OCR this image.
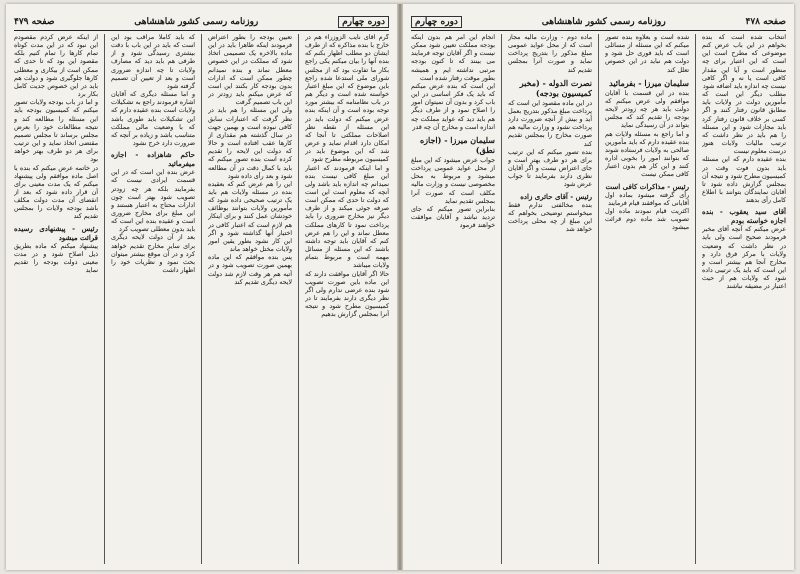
دوره چهارم
روزنامه رسمی کشور شاهنشاهی
صفحه ۴۷۹

گرم آقای نایب الزوزراء هم در خارج با بنده مذاکره که از طرف ایشان دو مطلب اظهار بکنم که بنده آنها را بیان میکنم یکی راجع بکار ما تفاوت بود که از مجلس شورای ملی استدعا شده راجع باین موضوع که این مبلغ اعتبار خواسته شده است و دیگر هم در باب نظامنامه که بیشتر مورد توجه بوده است و آن اینکه بنده عرض میکنم که دولت باید در این مسئله از نقطه نظر اصلاحات مملکتی تا آنجا که امکان دارد اقدام نماید و عرض شد که این موضوع باید در کمیسیون مربوطه مطرح شود

و اما اینکه فرمودند که اعتبار این مبلغ کافی نیست بنده نمیدانم چه اندازه باید باشد ولی آنچه که معلوم است این است که دولت تا حدی که ممکن است صرفه جوئی میکند و از طرف دیگر نیز مخارج ضروری را باید پرداخت نمود تا کارهای مملکت معطل نماند و این را هم عرض کنم که آقایان باید توجه داشته باشند که این مسئله از مسائل مهمه است و مربوط بتمام ولایات میباشد

حالا اگر آقایان موافقت دارند که این ماده باین صورت تصویب شود بنده عرضی ندارم ولی اگر نظر دیگری دارند بفرمایند تا در کمیسیون مطرح شود و نتیجه آنرا بمجلس گزارش بدهیم

تعیین بودجه را بطور اعتراض فرمودند اینکه ظاهرا باید در این ماده بالاخره یک تصمیمی اتخاذ شود که مملکت در این خصوص معطل نماند و بنده نمیدانم چطور ممکن است که ادارات بدون بودجه کار بکنند این است که عرض میکنم باید زودتر در این باب تصمیم گرفت

ولی این مسئله را هم باید در نظر گرفت که اعتبارات سابق کافی نبوده است و بهمین جهت در سال گذشته هم مقداری از کارها عقب افتاده است و حالا که دولت این لایحه را تقدیم کرده است بنده تصور میکنم که باید با کمال دقت در آن مطالعه شود و بعد رأی داده شود

این را هم عرض کنم که بعقیده بنده در مسئله ولایات هم باید یک ترتیب صحیحی داده شود که مأمورین ولایات بتوانند بوظائف خودشان عمل کنند و برای اینکار هم لازم است که اعتبار کافی در اختیار آنها گذاشته شود و اگر این کار نشود بطور یقین امور ولایات مختل خواهد ماند

پس بنده موافقم که این ماده بهمین صورت تصویب شود و در آتیه هم هر وقت لازم شد دولت لایحه دیگری تقدیم کند

که باید کاملا مراقب بود این است که باید در این باب با دقت بیشتری رسیدگی شود و از طرفی هم باید دید که مصارف ولایات تا چه اندازه ضروری است و بعد از تعیین آن تصمیم گرفته شود

و اما مسئله دیگری که آقایان اشاره فرمودند راجع به تشکیلات ولایات است بنده عقیده دارم که این تشکیلات باید طوری باشد که با وضعیت مالی مملکت متناسب باشد و زیاده بر آنچه که ضرورت دارد خرج نشود

حاکم شاهزاده - اجازه میفرمائید

عرض بنده این است که در این قسمت ایرادی نیست که بفرمایند بلکه هر چه زودتر تصویب شود بهتر است چون ادارات محتاج به اعتبار هستند و این مبلغ برای مخارج ضروری است و عقیده بنده این است که باید بدون معطلی تصویب کرد

بعد از آن دولت لایحه دیگری برای سایر مخارج تقدیم خواهد کرد و در آن موقع بیشتر میتوان بحث نمود و نظریات خود را اظهار داشت

از اینکه عرض کردم مقصودم این نبود که در این مدت کوتاه تمام کارها را تمام کنیم بلکه مقصود این بود که تا حدی که ممکن است از بیکاری و معطلی کارها جلوگیری شود و دولت هم باید در این خصوص جدیت کامل بکار برد

و اما در باب بودجه ولایات تصور میکنم که کمیسیون بودجه باید این مسئله را مطالعه کند و نتیجه مطالعات خود را بعرض مجلس برساند تا مجلس تصمیم مقتضی اتخاذ نماید و این ترتیب برای هر دو طرف بهتر خواهد بود

در خاتمه عرض میکنم که بنده با اصل ماده موافقم ولی پیشنهاد میکنم که یک مدت معینی برای آن قرار داده شود که بعد از انقضای آن مدت دولت مکلف باشد بودجه ولایات را بمجلس تقدیم کند

رئیس - پیشنهادی رسیده قرائت میشود

پیشنهاد میکنم که ماده بطریق ذیل اصلاح شود و در مدت معینی دولت بودجه را تقدیم نماید

صفحه ۴۷۸
روزنامه رسمی کشور شاهنشاهی
دوره چهارم

انتخاب شده است که بنده بخواهم در این باب عرض کنم موضوعی که مطرح است این است که این اعتبار برای چه منظور است و آیا این مقدار کافی است یا نه و اگر کافی نیست چه اندازه باید اضافه شود

مطلب دیگر این است که مأمورین دولت در ولایات باید مطابق قانون رفتار کنند و اگر کسی بر خلاف قانون رفتار کرد باید مجازات شود و این مسئله را هم باید در نظر داشت که ترتیب مالیات ولایات هنوز درست معلوم نیست

بنده عقیده دارم که این مسئله باید بدون فوت وقت در کمیسیون مطرح شود و نتیجه آن بمجلس گزارش داده شود تا آقایان نمایندگان بتوانند با اطلاع کامل رأی بدهند

آقای سید یعقوب - بنده اجازه خواسته بودم

عرض میکنم که آنچه آقای مخبر فرمودند صحیح است ولی باید در نظر داشت که وضعیت ولایات با مرکز فرق دارد و مخارج آنجا هم بیشتر است و این است که باید یک ترتیبی داده شود که ولایات هم از حیث اعتبار در مضیقه نباشند

شده است و بعلاوه بنده تصور میکنم که این مسئله از مسائلی است که باید فوری حل شود و دولت هم نباید در این خصوص تعلل کند

سلیمان میرزا - بفرمائید

بنده در این قسمت با آقایان موافقم ولی عرض میکنم که دولت باید هر چه زودتر لایحه بودجه را تقدیم کند که مجلس بتواند در آن رسیدگی نماید

و اما راجع به مسئله ولایات هم بنده عقیده دارم که باید مأمورین صالحی به ولایات فرستاده شوند که بتوانند امور را بخوبی اداره کنند و این کار هم بدون اعتبار کافی ممکن نیست

رئیس - مذاکرات کافی است

رأی گرفته میشود بماده اول آقایانی که موافقند قیام فرمایند

اکثریت قیام نمودند ماده اول تصویب شد ماده دوم قرائت میشود

ماده دوم - وزارت مالیه مجاز است که از محل عواید عمومی مبلغ مذکور را بتدریج پرداخت نماید و صورت آنرا بمجلس تقدیم کند

نصرت الدوله - (مخبر کمیسیون بودجه)

در این ماده مقصود این است که پرداخت مبلغ مذکور بتدریج بعمل آید و بیش از آنچه ضرورت دارد پرداخت نشود و وزارت مالیه هم صورت مخارج را بمجلس تقدیم کند

بنده تصور میکنم که این ترتیب برای هر دو طرف بهتر است و جای اعتراض نیست و اگر آقایان نظری دارند بفرمایند تا جواب عرض شود

رئیس - آقای حائری زاده

بنده مخالفتی ندارم فقط میخواستم توضیحی بخواهم که این مبلغ از چه محلی پرداخت خواهد شد

انجام این امر هم بدون اینکه بودجه مملکت تعیین شود ممکن نیست و اگر آقایان توجه فرمایند می بینند که تا کنون بودجه مرتبی نداشته ایم و همیشه بطور موقت رفتار شده است

این است که بنده عرض میکنم که باید یک فکر اساسی در این باب کرد و بدون آن نمیتوان امور را اصلاح نمود و از طرف دیگر هم باید دید که عواید مملکت چه اندازه است و مخارج آن چه قدر

سلیمان میرزا - (اجازه نطق)

جواب عرض میشود که این مبلغ از محل عواید عمومی پرداخت میشود و مربوط به محل مخصوصی نیست و وزارت مالیه مکلف است که صورت آنرا بمجلس تقدیم نماید

بنابراین تصور میکنم که جای تردید نباشد و آقایان موافقت خواهند فرمود
